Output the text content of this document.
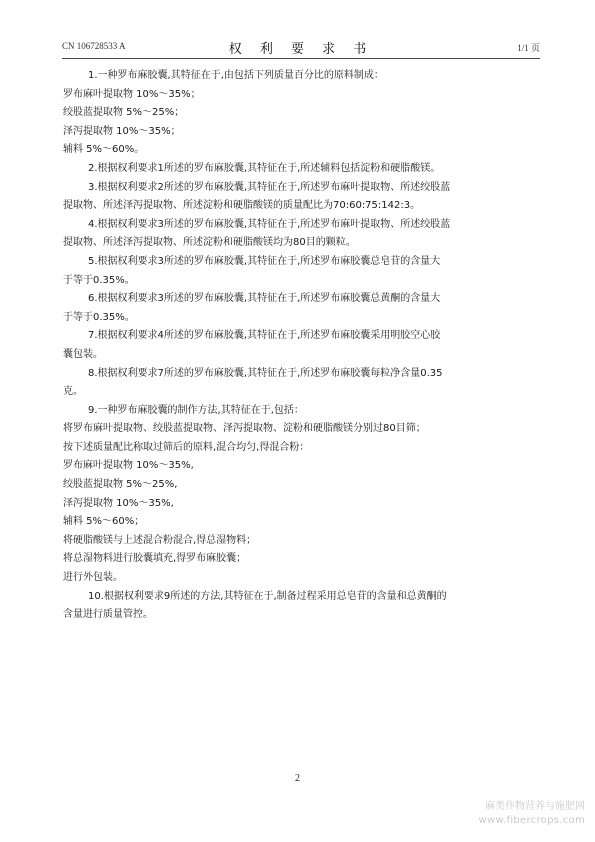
CN 106728533 A	权 利 要 求 书	1/1 页
1.一种罗布麻胶囊,其特征在于,由包括下列质量百分比的原料制成：
罗布麻叶提取物 10%～35%；
绞股蓝提取物 5%～25%；
泽泻提取物 10%～35%；
辅料 5%～60%。
2.根据权利要求1所述的罗布麻胶囊,其特征在于,所述辅料包括淀粉和硬脂酸镁。
3.根据权利要求2所述的罗布麻胶囊,其特征在于,所述罗布麻叶提取物、所述绞股蓝
提取物、所述泽泻提取物、所述淀粉和硬脂酸镁的质量配比为70:60:75:142:3。
4.根据权利要求3所述的罗布麻胶囊,其特征在于,所述罗布麻叶提取物、所述绞股蓝
提取物、所述泽泻提取物、所述淀粉和硬脂酸镁均为80目的颗粒。
5.根据权利要求3所述的罗布麻胶囊,其特征在于,所述罗布麻胶囊总皂苷的含量大
于等于0.35%。
6.根据权利要求3所述的罗布麻胶囊,其特征在于,所述罗布麻胶囊总黄酮的含量大
于等于0.35%。
7.根据权利要求4所述的罗布麻胶囊,其特征在于,所述罗布麻胶囊采用明胶空心胶
囊包装。
8.根据权利要求7所述的罗布麻胶囊,其特征在于,所述罗布麻胶囊每粒净含量0.35
克。
9.一种罗布麻胶囊的制作方法,其特征在于,包括：
将罗布麻叶提取物、绞股蓝提取物、泽泻提取物、淀粉和硬脂酸镁分别过80目筛；
按下述质量配比称取过筛后的原料,混合均匀,得混合粉：
罗布麻叶提取物 10%～35%,
绞股蓝提取物 5%～25%,
泽泻提取物 10%～35%,
辅料 5%～60%；
将硬脂酸镁与上述混合粉混合,得总湿物料；
将总湿物料进行胶囊填充,得罗布麻胶囊；
进行外包装。
10.根据权利要求9所述的方法,其特征在于,制备过程采用总皂苷的含量和总黄酮的
含量进行质量管控。
2
麻类作物营养与施肥网
www.fibercrops.com
